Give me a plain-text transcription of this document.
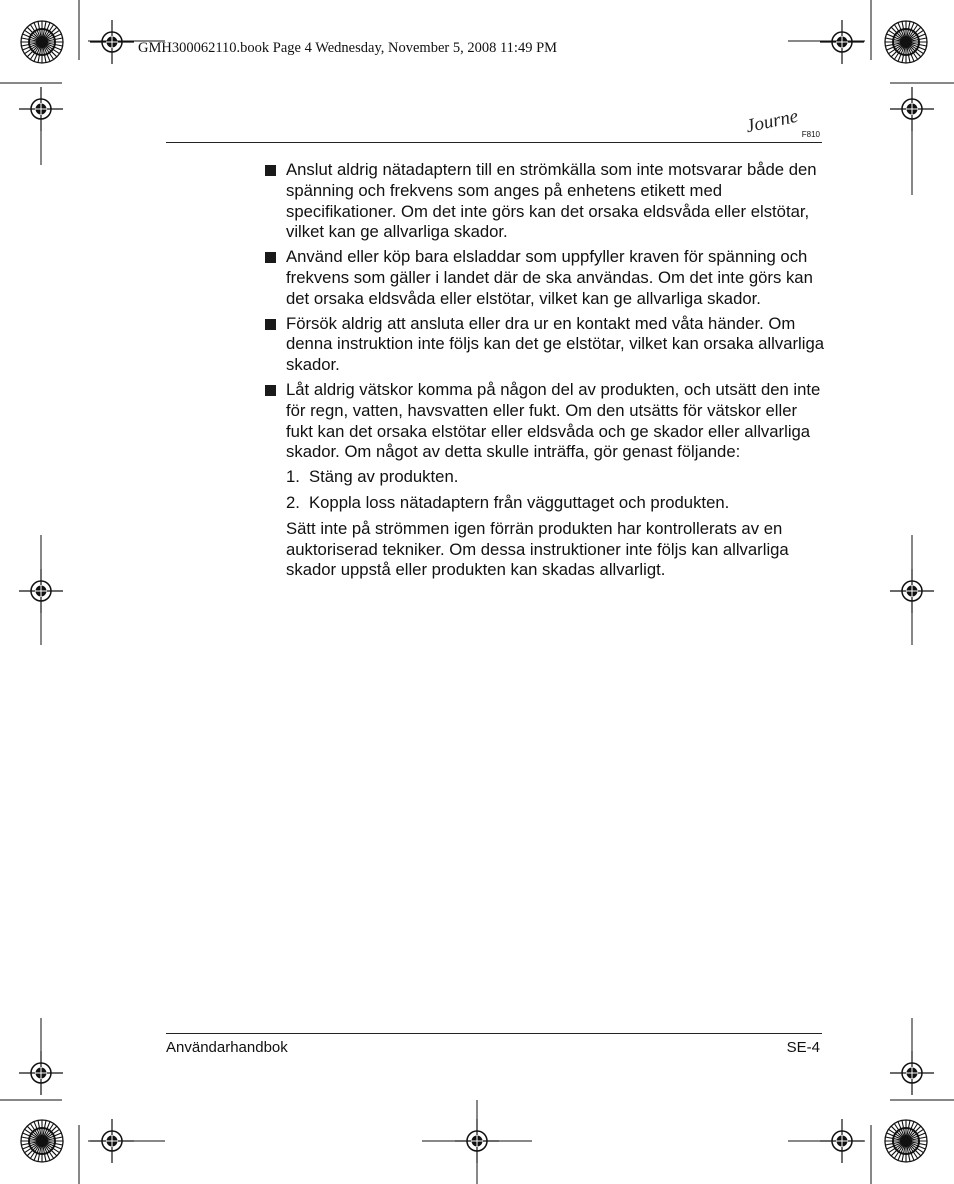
GMH300062110.book Page 4 Wednesday, November 5, 2008 11:49 PM
Journe F810
Anslut aldrig nätadaptern till en strömkälla som inte motsvarar både den spänning och frekvens som anges på enhetens etikett med specifikationer. Om det inte görs kan det orsaka eldsvåda eller elstötar, vilket kan ge allvarliga skador.
Använd eller köp bara elsladdar som uppfyller kraven för spänning och frekvens som gäller i landet där de ska användas. Om det inte görs kan det orsaka eldsvåda eller elstötar, vilket kan ge allvarliga skador.
Försök aldrig att ansluta eller dra ur en kontakt med våta händer. Om denna instruktion inte följs kan det ge elstötar, vilket kan orsaka allvarliga skador.
Låt aldrig vätskor komma på någon del av produkten, och utsätt den inte för regn, vatten, havsvatten eller fukt. Om den utsätts för vätskor eller fukt kan det orsaka elstötar eller eldsvåda och ge skador eller allvarliga skador. Om något av detta skulle inträffa, gör genast följande:
1. Stäng av produkten.
2. Koppla loss nätadaptern från vägguttaget och produkten.
Sätt inte på strömmen igen förrän produkten har kontrollerats av en auktoriserad tekniker. Om dessa instruktioner inte följs kan allvarliga skador uppstå eller produkten kan skadas allvarligt.
Användarhandbok	SE-4
